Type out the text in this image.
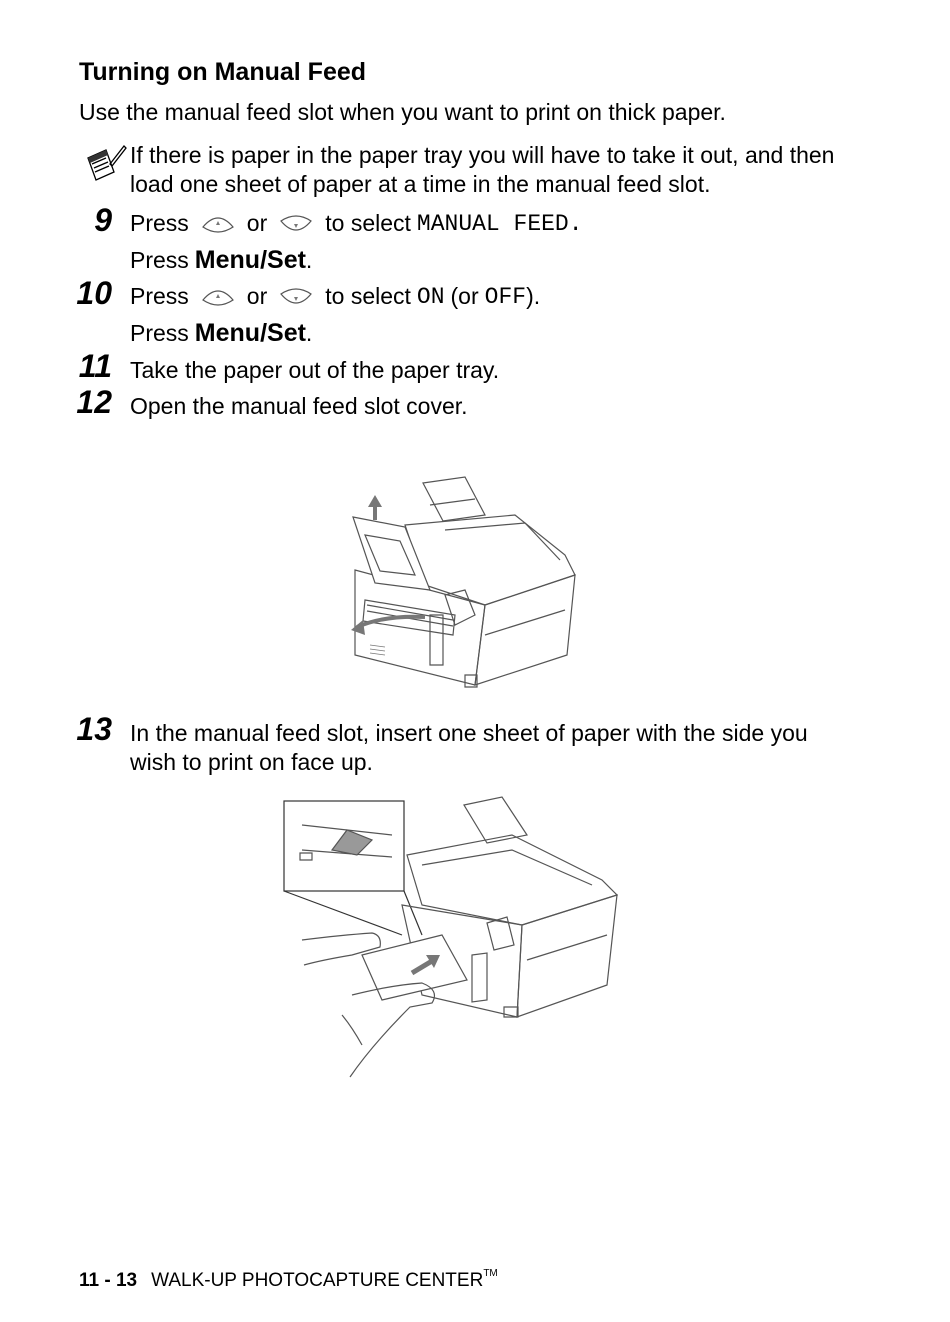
Turning on Manual Feed
Use the manual feed slot when you want to print on thick paper.
If there is paper in the paper tray you will have to take it out, and then load one sheet of paper at a time in the manual feed slot.
9 Press	or	to select MANUAL FEED.
Press Menu/Set .
10 Press	or	to select ON (or OFF ).
Press Menu/Set .
11 Take the paper out of the paper tray.
12 Open the manual feed slot cover.
13 In the manual feed slot, insert one sheet of paper with the side you wish to print on face up.
11 - 13 WALK-UP PHOTOCAPTURE CENTER™
